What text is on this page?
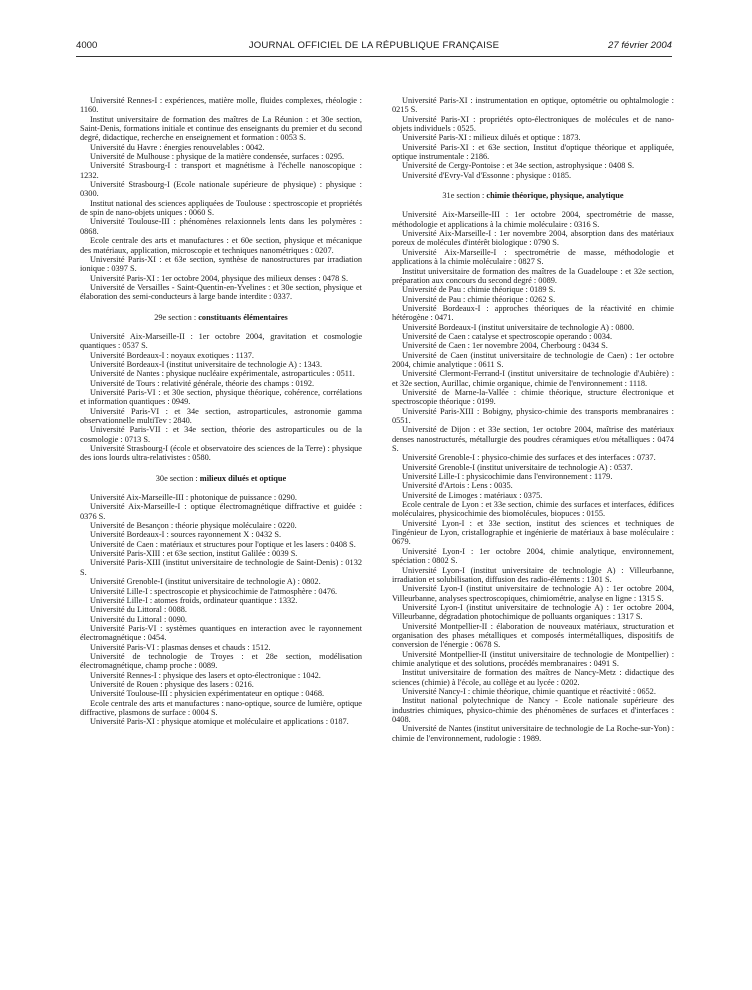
4000	JOURNAL OFFICIEL DE LA RÉPUBLIQUE FRANÇAISE	27 février 2004

Université Rennes-I : expériences, matière molle, fluides complexes, rhéologie : 1160.

Institut universitaire de formation des maîtres de La Réunion : et 30e section, Saint-Denis, formations initiale et continue des enseignants du premier et du second degré, didactique, recherche en enseignement et formation : 0053 S.

Université du Havre : énergies renouvelables : 0042.

Université de Mulhouse : physique de la matière condensée, surfaces : 0295.

Université Strasbourg-I : transport et magnétisme à l'échelle nanoscopique : 1232.

Université Strasbourg-I (Ecole nationale supérieure de physique) : physique : 0300.

Institut national des sciences appliquées de Toulouse : spectroscopie et propriétés de spin de nano-objets uniques : 0060 S.

Université Toulouse-III : phénomènes relaxionnels lents dans les polymères : 0868.

Ecole centrale des arts et manufactures : et 60e section, physique et mécanique des matériaux, application, microscopie et techniques nanométriques : 0207.

Université Paris-XI : et 63e section, synthèse de nanostructures par irradiation ionique : 0397 S.

Université Paris-XI : 1er octobre 2004, physique des milieux denses : 0478 S.

Université de Versailles - Saint-Quentin-en-Yvelines : et 30e section, physique et élaboration des semi-conducteurs à large bande interdite : 0337.

29e section : constituants élémentaires

Université Aix-Marseille-II : 1er octobre 2004, gravitation et cosmologie quantiques : 0537 S.

Université Bordeaux-I : noyaux exotiques : 1137.

Université Bordeaux-I (institut universitaire de technologie A) : 1343.

Université de Nantes : physique nucléaire expérimentale, astroparticules : 0511.

Université de Tours : relativité générale, théorie des champs : 0192.

Université Paris-VI : et 30e section, physique théorique, cohérence, corrélations et information quantiques : 0949.

Université Paris-VI : et 34e section, astroparticules, astronomie gamma observationnelle multiTev : 2840.

Université Paris-VII : et 34e section, théorie des astroparticules ou de la cosmologie : 0713 S.

Université Strasbourg-I (école et observatoire des sciences de la Terre) : physique des ions lourds ultra-relativistes : 0580.

30e section : milieux dilués et optique

Université Aix-Marseille-III : photonique de puissance : 0290.

Université Aix-Marseille-I : optique électromagnétique diffractive et guidée : 0376 S.

Université de Besançon : théorie physique moléculaire : 0220.

Université Bordeaux-I : sources rayonnement X : 0432 S.

Université de Caen : matériaux et structures pour l'optique et les lasers : 0408 S.

Université Paris-XIII : et 63e section, institut Galilée : 0039 S.

Université Paris-XIII (institut universitaire de technologie de Saint-Denis) : 0132 S.

Université Grenoble-I (institut universitaire de technologie A) : 0802.

Université Lille-I : spectroscopie et physicochimie de l'atmosphère : 0476.

Université Lille-I : atomes froids, ordinateur quantique : 1332.

Université du Littoral : 0088.

Université du Littoral : 0090.

Université Paris-VI : systèmes quantiques en interaction avec le rayonnement électromagnétique : 0454.

Université Paris-VI : plasmas denses et chauds : 1512.

Université de technologie de Troyes : et 28e section, modélisation électromagnétique, champ proche : 0089.

Université Rennes-I : physique des lasers et opto-électronique : 1042.

Université de Rouen : physique des lasers : 0216.

Université Toulouse-III : physicien expérimentateur en optique : 0468.

Ecole centrale des arts et manufactures : nano-optique, source de lumière, optique diffractive, plasmons de surface : 0004 S.

Université Paris-XI : physique atomique et moléculaire et applications : 0187.

Université Paris-XI : instrumentation en optique, optométrie ou ophtalmologie : 0215 S.

Université Paris-XI : propriétés opto-électroniques de molécules et de nano-objets individuels : 0525.

Université Paris-XI : milieux dilués et optique : 1873.

Université Paris-XI : et 63e section, Institut d'optique théorique et appliquée, optique instrumentale : 2186.

Université de Cergy-Pontoise : et 34e section, astrophysique : 0408 S.

Université d'Evry-Val d'Essonne : physique : 0185.

31e section : chimie théorique, physique, analytique

Université Aix-Marseille-III : 1er octobre 2004, spectrométrie de masse, méthodologie et applications à la chimie moléculaire : 0316 S.

Université Aix-Marseille-I : 1er novembre 2004, absorption dans des matériaux poreux de molécules d'intérêt biologique : 0790 S.

Université Aix-Marseille-I : spectrométrie de masse, méthodologie et applications à la chimie moléculaire : 0827 S.

Institut universitaire de formation des maîtres de la Guadeloupe : et 32e section, préparation aux concours du second degré : 0089.

Université de Pau : chimie théorique : 0189 S.

Université de Pau : chimie théorique : 0262 S.

Université Bordeaux-I : approches théoriques de la réactivité en chimie hétérogène : 0471.

Université Bordeaux-I (institut universitaire de technologie A) : 0800.

Université de Caen : catalyse et spectroscopie operando : 0034.

Université de Caen : 1er novembre 2004, Cherbourg : 0434 S.

Université de Caen (institut universitaire de technologie de Caen) : 1er octobre 2004, chimie analytique : 0611 S.

Université Clermont-Ferrand-I (institut universitaire de technologie d'Aubière) : et 32e section, Aurillac, chimie organique, chimie de l'environnement : 1118.

Université de Marne-la-Vallée : chimie théorique, structure électronique et spectroscopie théorique : 0199.

Université Paris-XIII : Bobigny, physico-chimie des transports membranaires : 0551.

Université de Dijon : et 33e section, 1er octobre 2004, maîtrise des matériaux denses nanostructurés, métallurgie des poudres céramiques et/ou métalliques : 0474 S.

Université Grenoble-I : physico-chimie des surfaces et des interfaces : 0737.

Université Grenoble-I (institut universitaire de technologie A) : 0537.

Université Lille-I : physicochimie dans l'environnement : 1179.

Université d'Artois : Lens : 0035.

Université de Limoges : matériaux : 0375.

Ecole centrale de Lyon : et 33e section, chimie des surfaces et interfaces, édifices moléculaires, physicochimie des biomolécules, biopuces : 0155.

Université Lyon-I : et 33e section, institut des sciences et techniques de l'ingénieur de Lyon, cristallographie et ingénierie de matériaux à base moléculaire : 0679.

Université Lyon-I : 1er octobre 2004, chimie analytique, environnement, spéciation : 0802 S.

Université Lyon-I (institut universitaire de technologie A) : Villeurbanne, irradiation et solubilisation, diffusion des radio-éléments : 1301 S.

Université Lyon-I (institut universitaire de technologie A) : 1er octobre 2004, Villeurbanne, analyses spectroscopiques, chimiométrie, analyse en ligne : 1315 S.

Université Lyon-I (institut universitaire de technologie A) : 1er octobre 2004, Villeurbanne, dégradation photochimique de polluants organiques : 1317 S.

Université Montpellier-II : élaboration de nouveaux matériaux, structuration et organisation des phases métalliques et composés intermétalliques, dispositifs de conversion de l'énergie : 0678 S.

Université Montpellier-II (institut universitaire de technologie de Montpellier) : chimie analytique et des solutions, procédés membranaires : 0491 S.

Institut universitaire de formation des maîtres de Nancy-Metz : didactique des sciences (chimie) à l'école, au collège et au lycée : 0202.

Université Nancy-I : chimie théorique, chimie quantique et réactivité : 0652.

Institut national polytechnique de Nancy - Ecole nationale supérieure des industries chimiques, physico-chimie des phénomènes de surfaces et d'interfaces : 0408.

Université de Nantes (institut universitaire de technologie de La Roche-sur-Yon) : chimie de l'environnement, rudologie : 1989.
